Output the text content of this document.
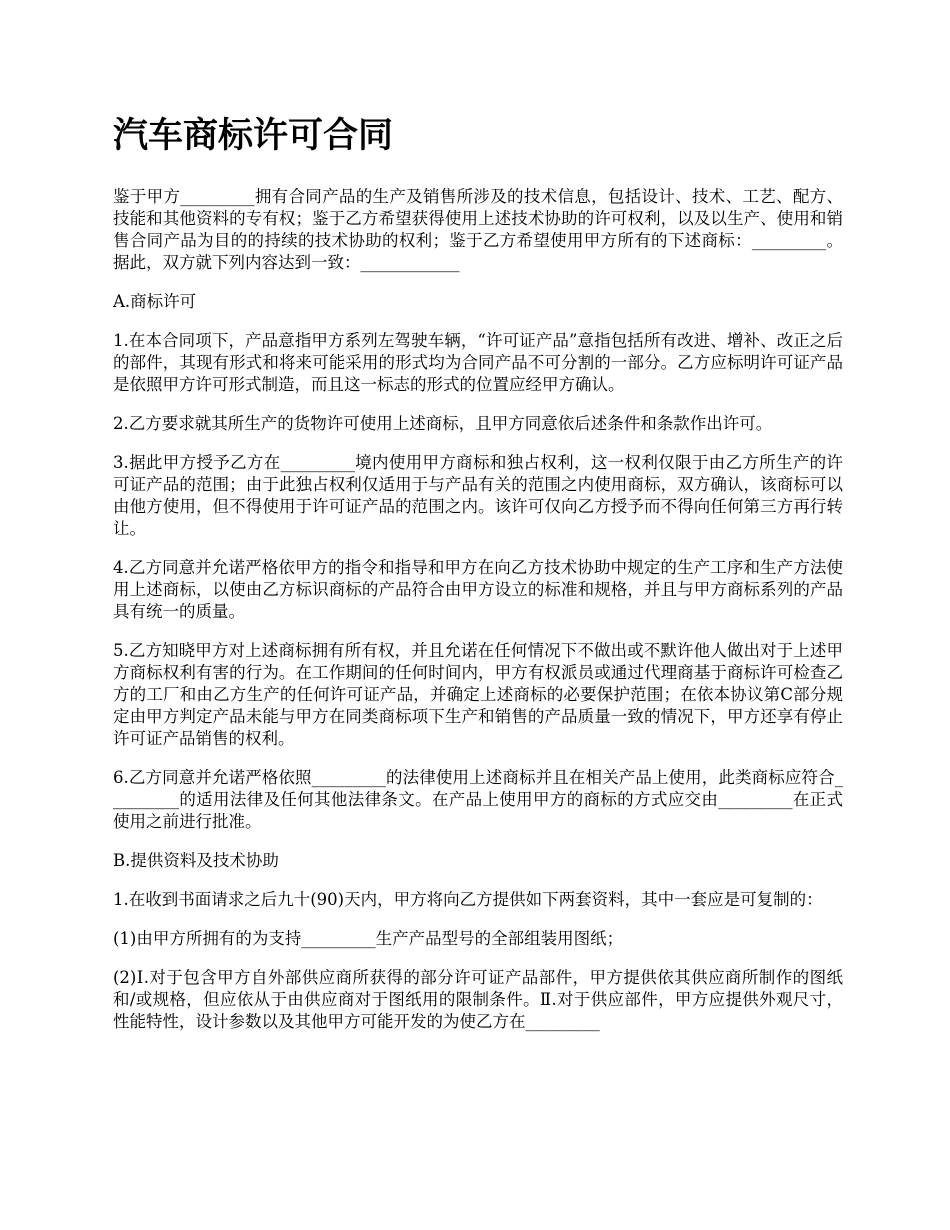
汽车商标许可合同

鉴于甲方_________拥有合同产品的生产及销售所涉及的技术信息，包括设计、技术、工艺、配方、技能和其他资料的专有权；鉴于乙方希望获得使用上述技术协助的许可权利，以及以生产、使用和销售合同产品为目的的持续的技术协助的权利；鉴于乙方希望使用甲方所有的下述商标：_________。据此，双方就下列内容达到一致：____________

A.商标许可

1.在本合同项下，产品意指甲方系列左驾驶车辆，“许可证产品”意指包括所有改进、增补、改正之后的部件，其现有形式和将来可能采用的形式均为合同产品不可分割的一部分。乙方应标明许可证产品是依照甲方许可形式制造，而且这一标志的形式的位置应经甲方确认。

2.乙方要求就其所生产的货物许可使用上述商标，且甲方同意依后述条件和条款作出许可。

3.据此甲方授予乙方在_________境内使用甲方商标和独占权利，这一权利仅限于由乙方所生产的许可证产品的范围；由于此独占权利仅适用于与产品有关的范围之内使用商标，双方确认，该商标可以由他方使用，但不得使用于许可证产品的范围之内。该许可仅向乙方授予而不得向任何第三方再行转让。

4.乙方同意并允诺严格依甲方的指令和指导和甲方在向乙方技术协助中规定的生产工序和生产方法使用上述商标，以使由乙方标识商标的产品符合由甲方设立的标准和规格，并且与甲方商标系列的产品具有统一的质量。

5.乙方知晓甲方对上述商标拥有所有权，并且允诺在任何情况下不做出或不默许他人做出对于上述甲方商标权利有害的行为。在工作期间的任何时间内，甲方有权派员或通过代理商基于商标许可检查乙方的工厂和由乙方生产的任何许可证产品，并确定上述商标的必要保护范围；在依本协议第C部分规定由甲方判定产品未能与甲方在同类商标项下生产和销售的产品质量一致的情况下，甲方还享有停止许可证产品销售的权利。

6.乙方同意并允诺严格依照_________的法律使用上述商标并且在相关产品上使用，此类商标应符合_________的适用法律及任何其他法律条文。在产品上使用甲方的商标的方式应交由_________在正式使用之前进行批准。

B.提供资料及技术协助

1.在收到书面请求之后九十(90)天内，甲方将向乙方提供如下两套资料，其中一套应是可复制的：

(1)由甲方所拥有的为支持_________生产产品型号的全部组装用图纸；

(2)Ⅰ.对于包含甲方自外部供应商所获得的部分许可证产品部件，甲方提供依其供应商所制作的图纸和/或规格，但应依从于由供应商对于图纸用的限制条件。Ⅱ.对于供应部件，甲方应提供外观尺寸，性能特性，设计参数以及其他甲方可能开发的为使乙方在_________
